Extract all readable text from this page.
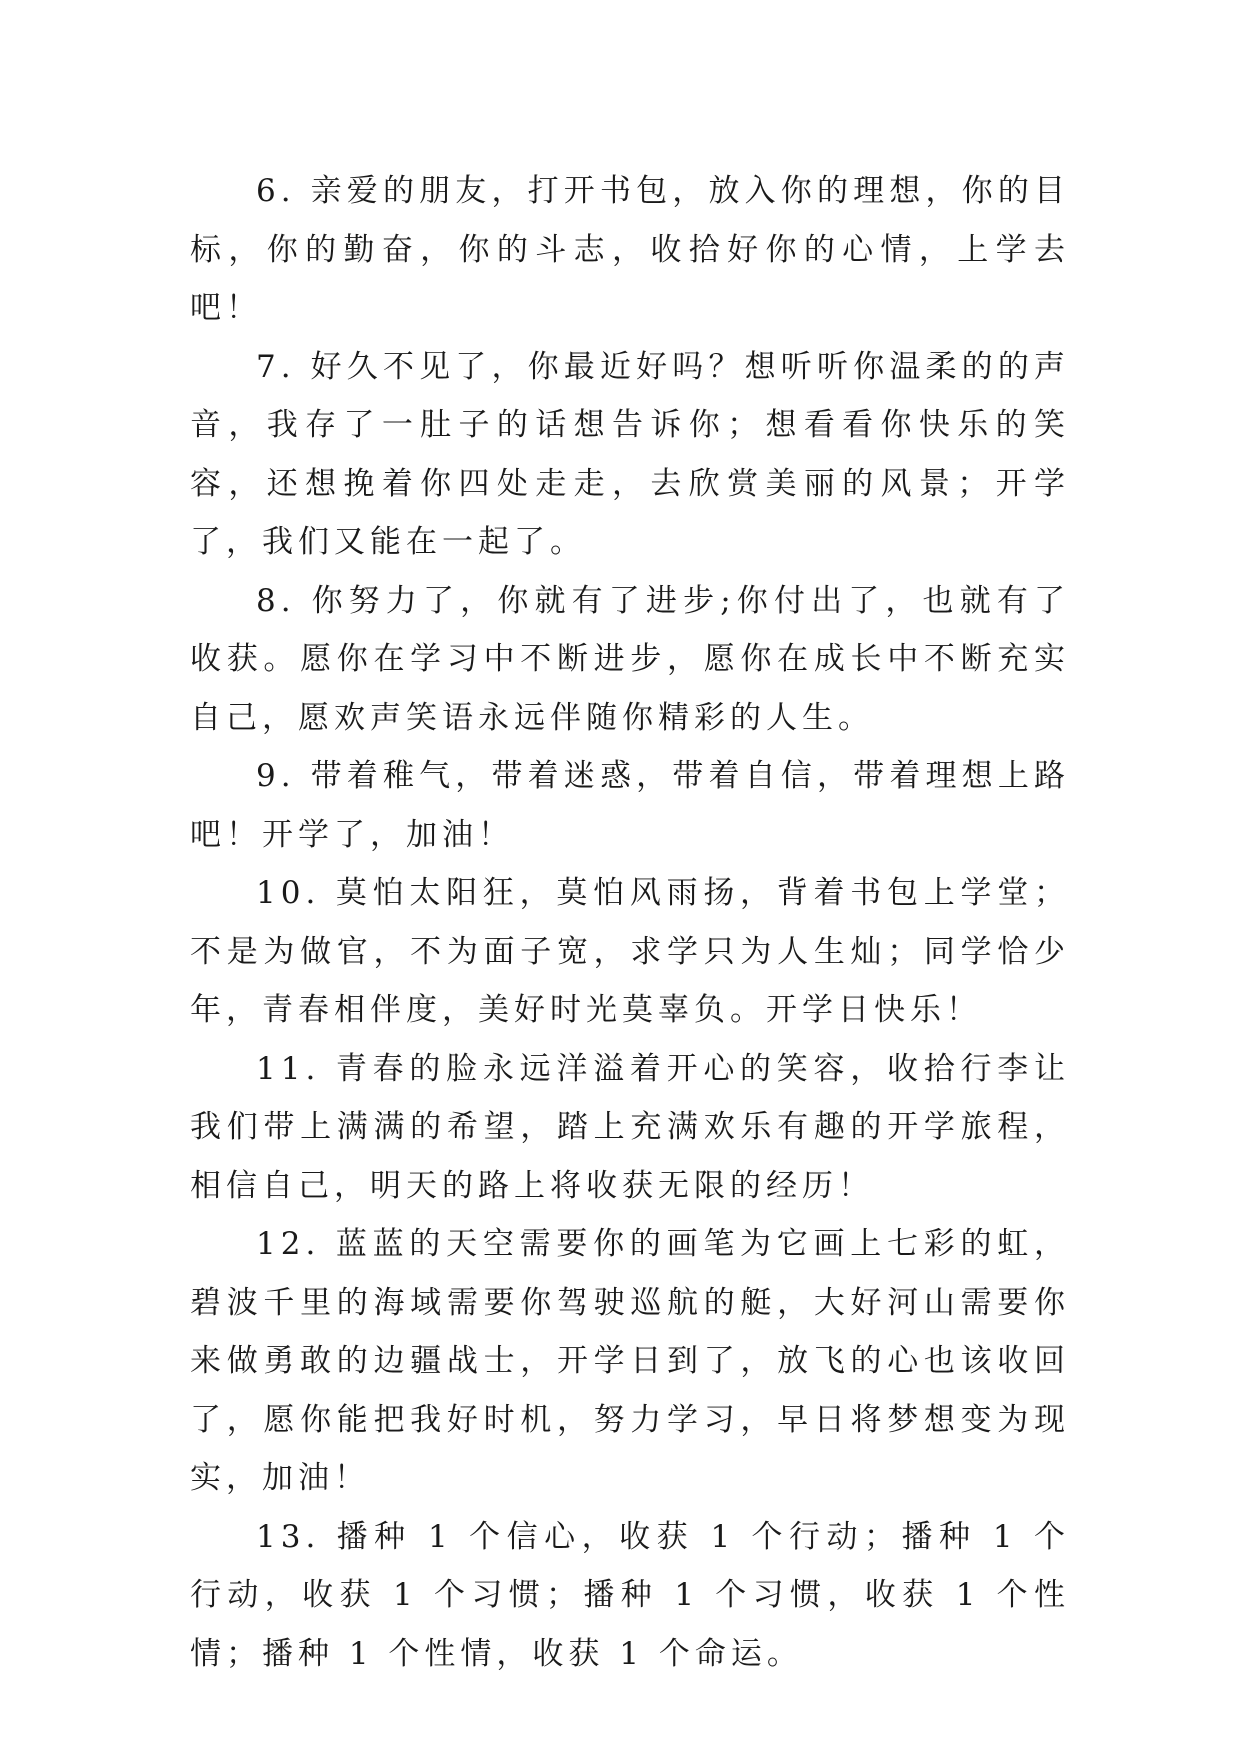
6. 亲爱的朋友，打开书包，放入你的理想，你的目标，你的勤奋，你的斗志，收拾好你的心情，上学去吧！

7. 好久不见了，你最近好吗？想听听你温柔的的声音，我存了一肚子的话想告诉你；想看看你快乐的笑容，还想挽着你四处走走，去欣赏美丽的风景；开学了，我们又能在一起了。

8. 你努力了，你就有了进步;你付出了，也就有了收获。愿你在学习中不断进步，愿你在成长中不断充实自己，愿欢声笑语永远伴随你精彩的人生。

9. 带着稚气，带着迷惑，带着自信，带着理想上路吧！开学了，加油！

10. 莫怕太阳狂，莫怕风雨扬，背着书包上学堂；不是为做官，不为面子宽，求学只为人生灿；同学恰少年，青春相伴度，美好时光莫辜负。开学日快乐！

11. 青春的脸永远洋溢着开心的笑容，收拾行李让我们带上满满的希望，踏上充满欢乐有趣的开学旅程，相信自己，明天的路上将收获无限的经历！

12. 蓝蓝的天空需要你的画笔为它画上七彩的虹，碧波千里的海域需要你驾驶巡航的艇，大好河山需要你来做勇敢的边疆战士，开学日到了，放飞的心也该收回了，愿你能把我好时机，努力学习，早日将梦想变为现实，加油！

13. 播种 1 个信心，收获 1 个行动；播种 1 个行动，收获 1 个习惯；播种 1 个习惯，收获 1 个性情；播种 1 个性情，收获 1 个命运。
